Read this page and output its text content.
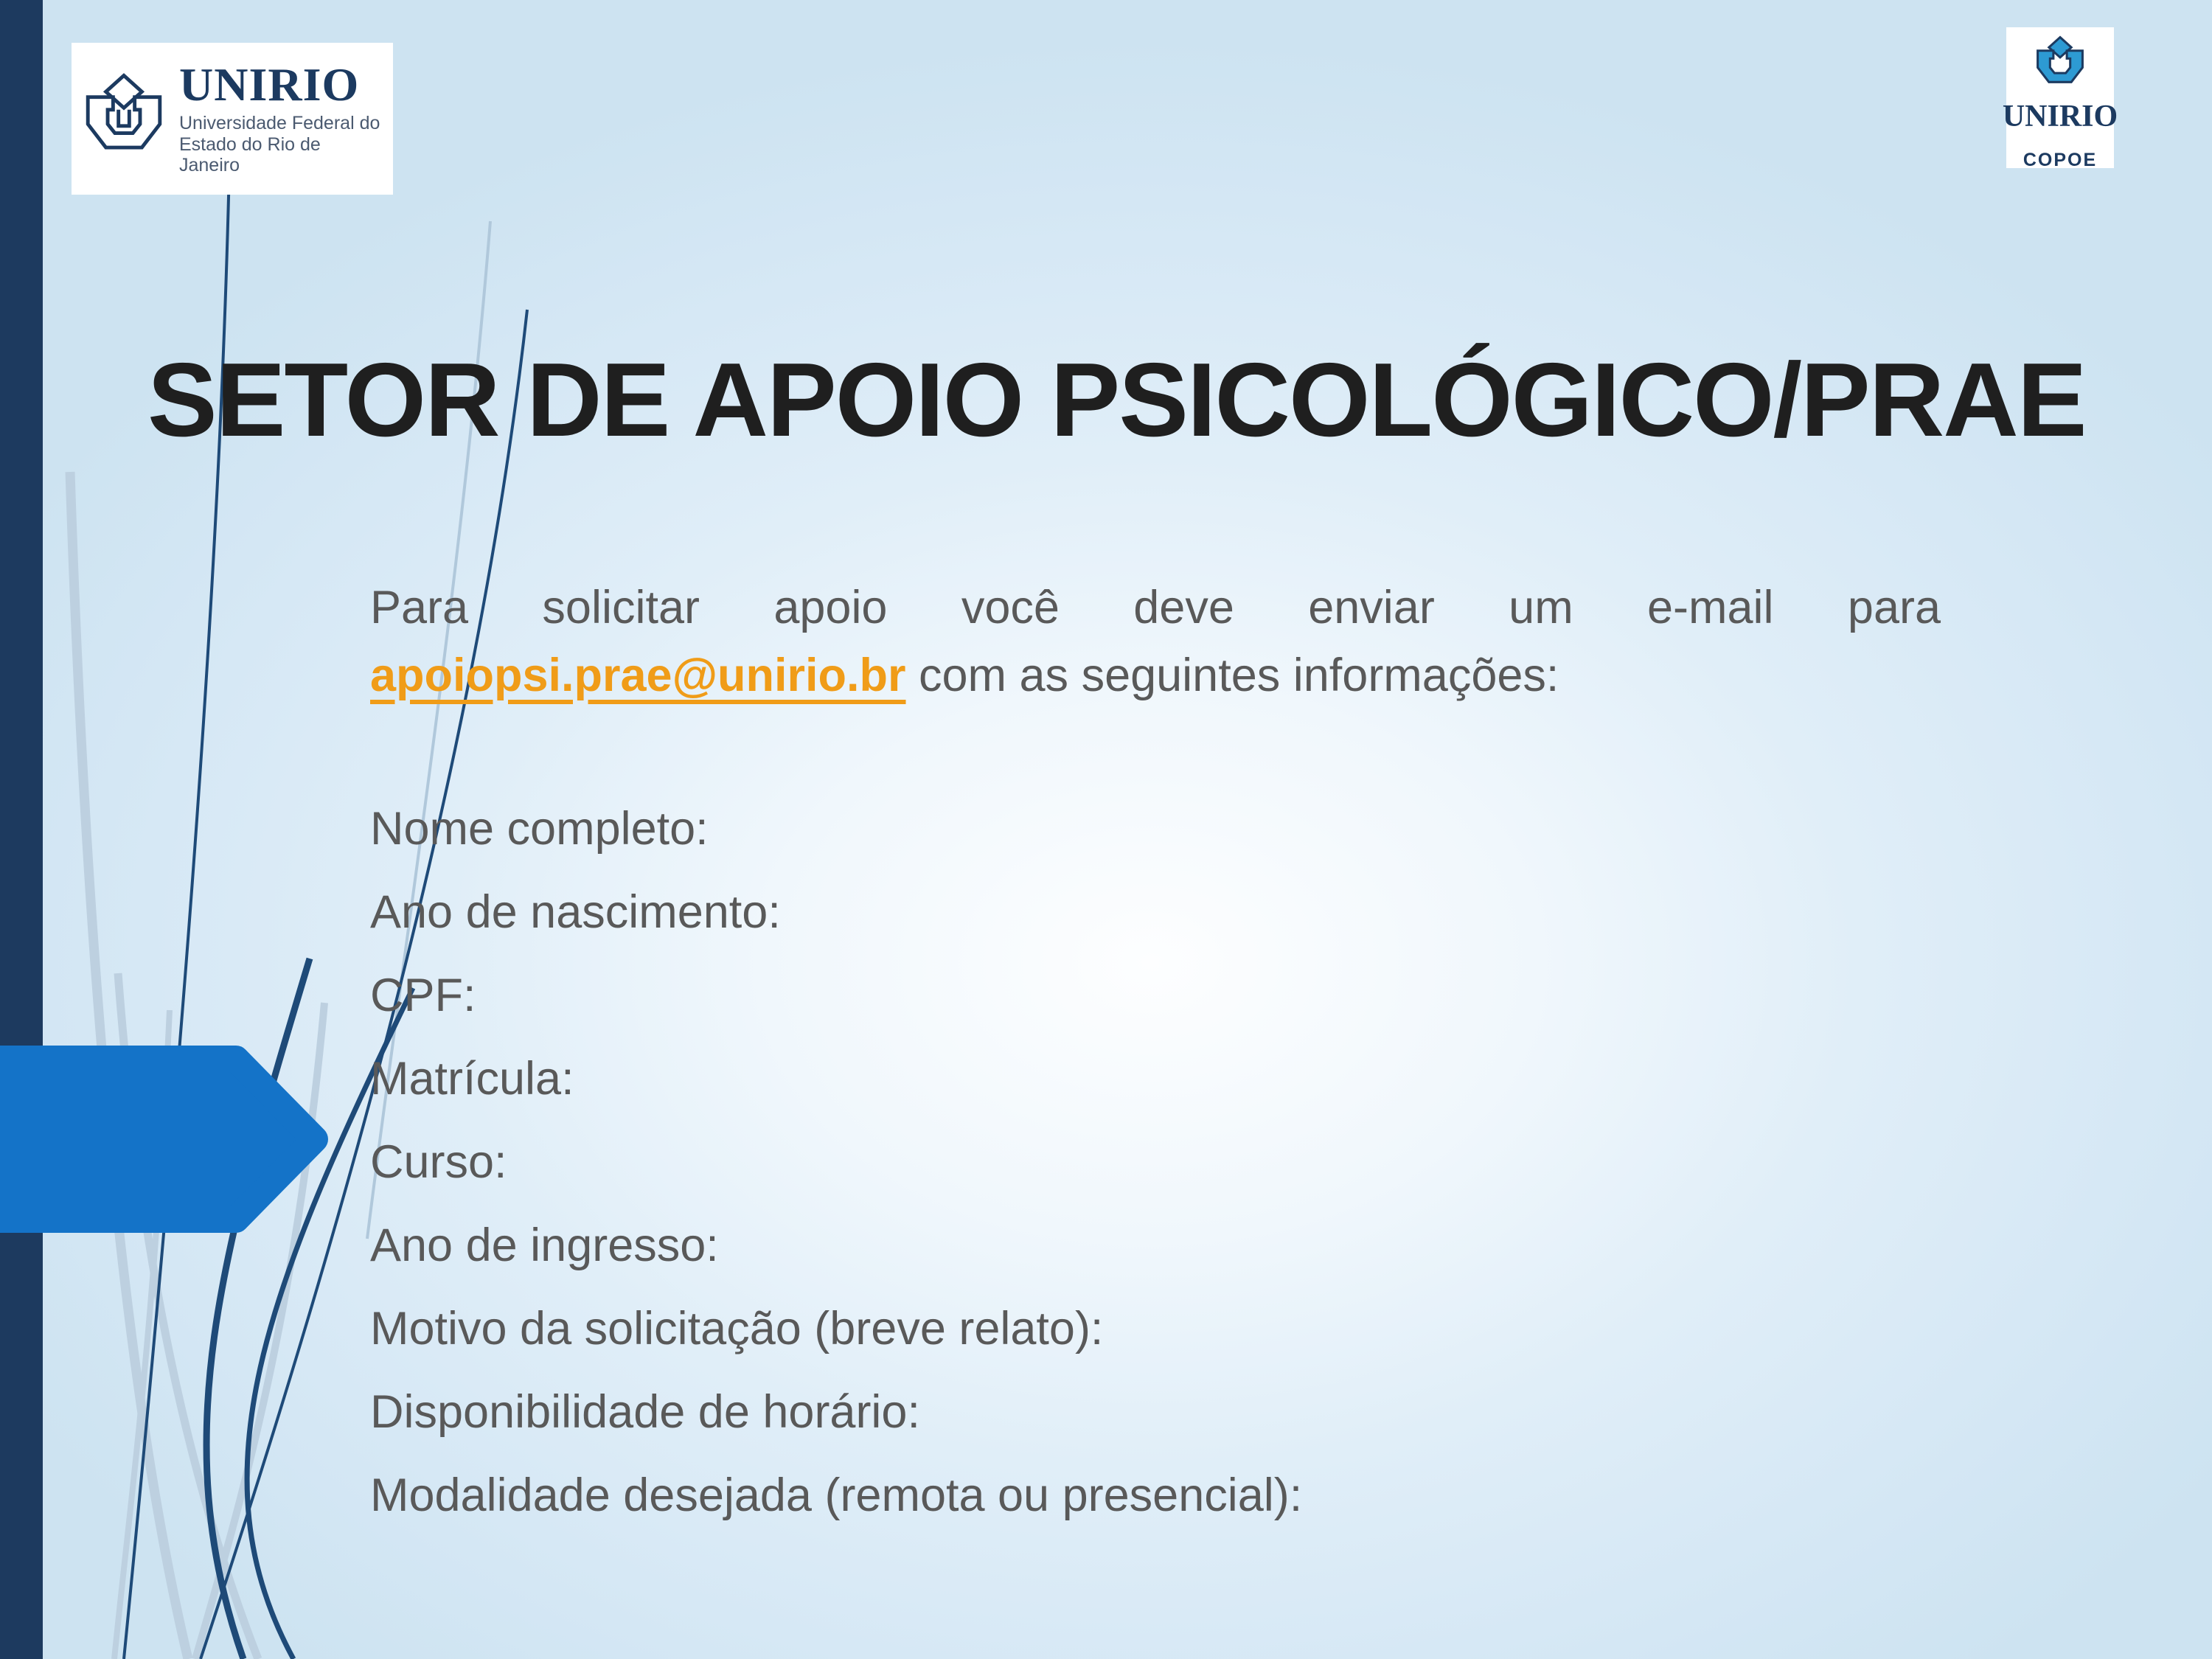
UNIRIO
Universidade Federal do
Estado do Rio de Janeiro
UNIRIO
COPOE
SETOR DE APOIO PSICOLÓGICO/PRAE
Para solicitar apoio você deve enviar um e-mail para
apoiopsi.prae@unirio.br com as seguintes informações:
Nome completo:
Ano de nascimento:
CPF:
Matrícula:
Curso:
Ano de ingresso:
Motivo da solicitação (breve relato):
Disponibilidade de horário:
Modalidade desejada (remota ou presencial):
